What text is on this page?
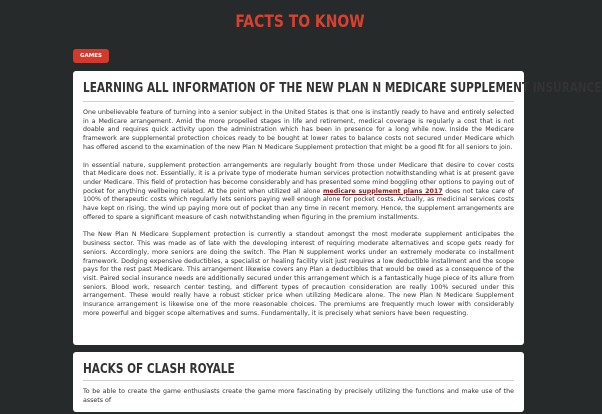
FACTS TO KNOW
GAMES
LEARNING ALL INFORMATION OF THE NEW PLAN N MEDICARE SUPPLEMENT INSURANCE

One unbelievable feature of turning into a senior subject in the United States is that one is instantly ready to have and entirely selected in a Medicare arrangement. Amid the more propelled stages in life and retirement, medical coverage is regularly a cost that is not doable and requires quick activity upon the administration which has been in presence for a long while now. Inside the Medicare framework are supplemental protection choices ready to be bought at lower rates to balance costs not secured under Medicare which has offered ascend to the examination of the new Plan N Medicare Supplement protection that might be a good fit for all seniors to join.

In essential nature, supplement protection arrangements are regularly bought from those under Medicare that desire to cover costs that Medicare does not. Essentially, it is a private type of moderate human services protection notwithstanding what is at present gave under Medicare. This field of protection has become considerably and has presented some mind boggling other options to paying out of pocket for anything wellbeing related. At the point when utilized all alone medicare supplement plans 2017 does not take care of 100% of therapeutic costs which regularly lets seniors paying well enough alone for pocket costs. Actually, as medicinal services costs have kept on rising, the wind up paying more out of pocket than any time in recent memory. Hence, the supplement arrangements are offered to spare a significant measure of cash notwithstanding when figuring in the premium installments.

The New Plan N Medicare Supplement protection is currently a standout amongst the most moderate supplement anticipates the business sector. This was made as of late with the developing interest of requiring moderate alternatives and scope gets ready for seniors. Accordingly, more seniors are doing the switch. The Plan N supplement works under an extremely moderate co installment framework. Dodging expensive deductibles, a specialist or healing facility visit just requires a low deductible installment and the scope pays for the rest past Medicare. This arrangement likewise covers any Plan a deductibles that would be owed as a consequence of the visit. Paired social insurance needs are additionally secured under this arrangement which is a fantastically huge piece of its allure from seniors. Blood work, research center testing, and different types of precaution consideration are really 100% secured under this arrangement. These would really have a robust sticker price when utilizing Medicare alone. The new Plan N Medicare Supplement Insurance arrangement is likewise one of the more reasonable choices. The premiums are frequently much lower with considerably more powerful and bigger scope alternatives and sums. Fundamentally, it is precisely what seniors have been requesting.

HACKS OF CLASH ROYALE

To be able to create the game enthusiasts create the game more fascinating by precisely utilizing the functions and make use of the assets of
